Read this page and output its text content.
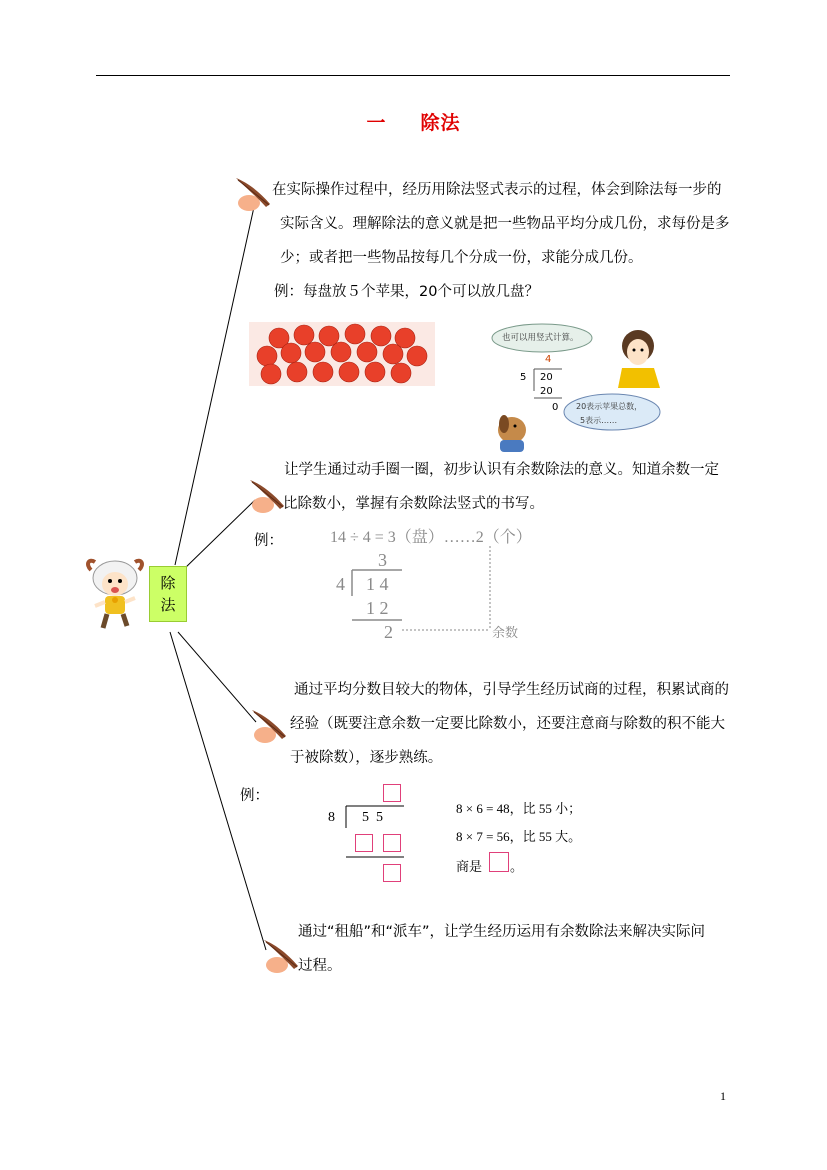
一 除法
除
法
在实际操作过程中，经历用除法竖式表示的过程，体会到除法每一步的
实际含义。理解除法的意义就是把一些物品平均分成几份，求每份是多
少；或者把一些物品按每几个分成一份，求能分成几份。
例：每盘放５个苹果，20个可以放几盘？
也可以用竖式计算。
20表示苹果总数，
5表示……
4
5 20
20
0
让学生通过动手圈一圈，初步认识有余数除法的意义。知道余数一定
比除数小，掌握有余数除法竖式的书写。
例：	14 ÷ 4 = 3（盘）……2（个）
3
4 1 4
1 2
2	余数
通过平均分数目较大的物体，引导学生经历试商的过程，积累试商的
经验（既要注意余数一定要比除数小，还要注意商与除数的积不能大
于被除数），逐步熟练。
例：
8 5  5
8 × 6 = 48，比 55 小；
8 × 7 = 56，比 55 大。
商是 。
通过“租船”和“派车”，让学生经历运用有余数除法来解决实际问
过程。
1
